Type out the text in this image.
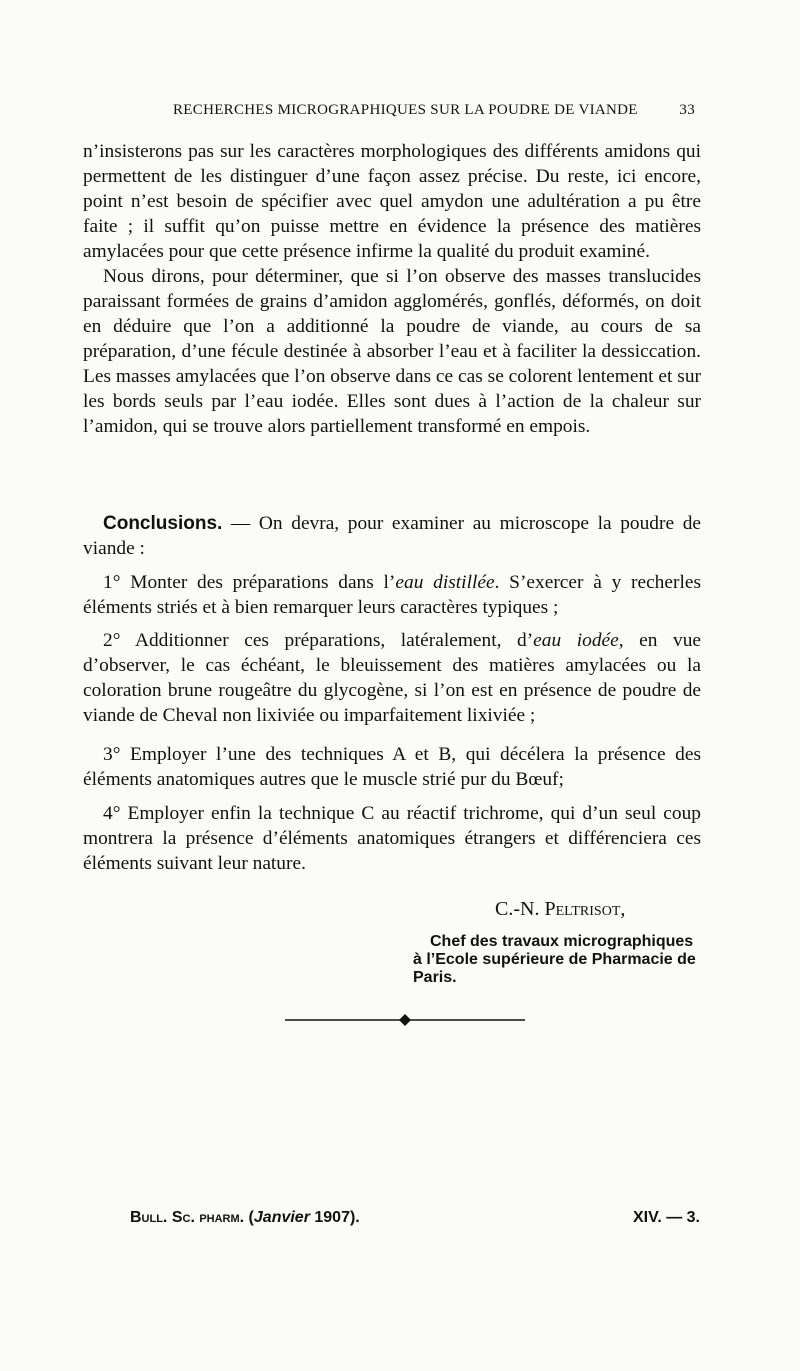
RECHERCHES MICROGRAPHIQUES SUR LA POUDRE DE VIANDE	33

n’insisterons pas sur les caractères morphologiques des différents amidons qui permettent de les distinguer d’une façon assez précise. Du reste, ici encore, point n’est besoin de spécifier avec quel amydon une adultération a pu être faite ; il suffit qu’on puisse mettre en évidence la présence des matières amylacées pour que cette présence infirme la qualité du produit examiné.

Nous dirons, pour déterminer, que si l’on observe des masses translucides paraissant formées de grains d’amidon agglomérés, gonflés, déformés, on doit en déduire que l’on a additionné la poudre de viande, au cours de sa préparation, d’une fécule destinée à absorber l’eau et à faciliter la dessiccation. Les masses amylacées que l’on observe dans ce cas se colorent lentement et sur les bords seuls par l’eau iodée. Elles sont dues à l’action de la chaleur sur l’amidon, qui se trouve alors partiellement transformé en empois.

Conclusions. — On devra, pour examiner au microscope la poudre de viande :

1° Monter des préparations dans l’eau distillée. S’exercer à y recherles éléments striés et à bien remarquer leurs caractères typiques ;

2° Additionner ces préparations, latéralement, d’eau iodée, en vue d’observer, le cas échéant, le bleuissement des matières amylacées ou la coloration brune rougeâtre du glycogène, si l’on est en présence de poudre de viande de Cheval non lixiviée ou imparfaitement lixiviée ;

3° Employer l’une des techniques A et B, qui décélera la présence des éléments anatomiques autres que le muscle strié pur du Bœuf;

4° Employer enfin la technique C au réactif trichrome, qui d’un seul coup montrera la présence d’éléments anatomiques étrangers et différenciera ces éléments suivant leur nature.

C.-N. Peltrisot,
Chef des travaux micrographiques
à l’Ecole supérieure de Pharmacie de Paris.
Bull. Sc. pharm. (Janvier 1907).	XIV. — 3.
